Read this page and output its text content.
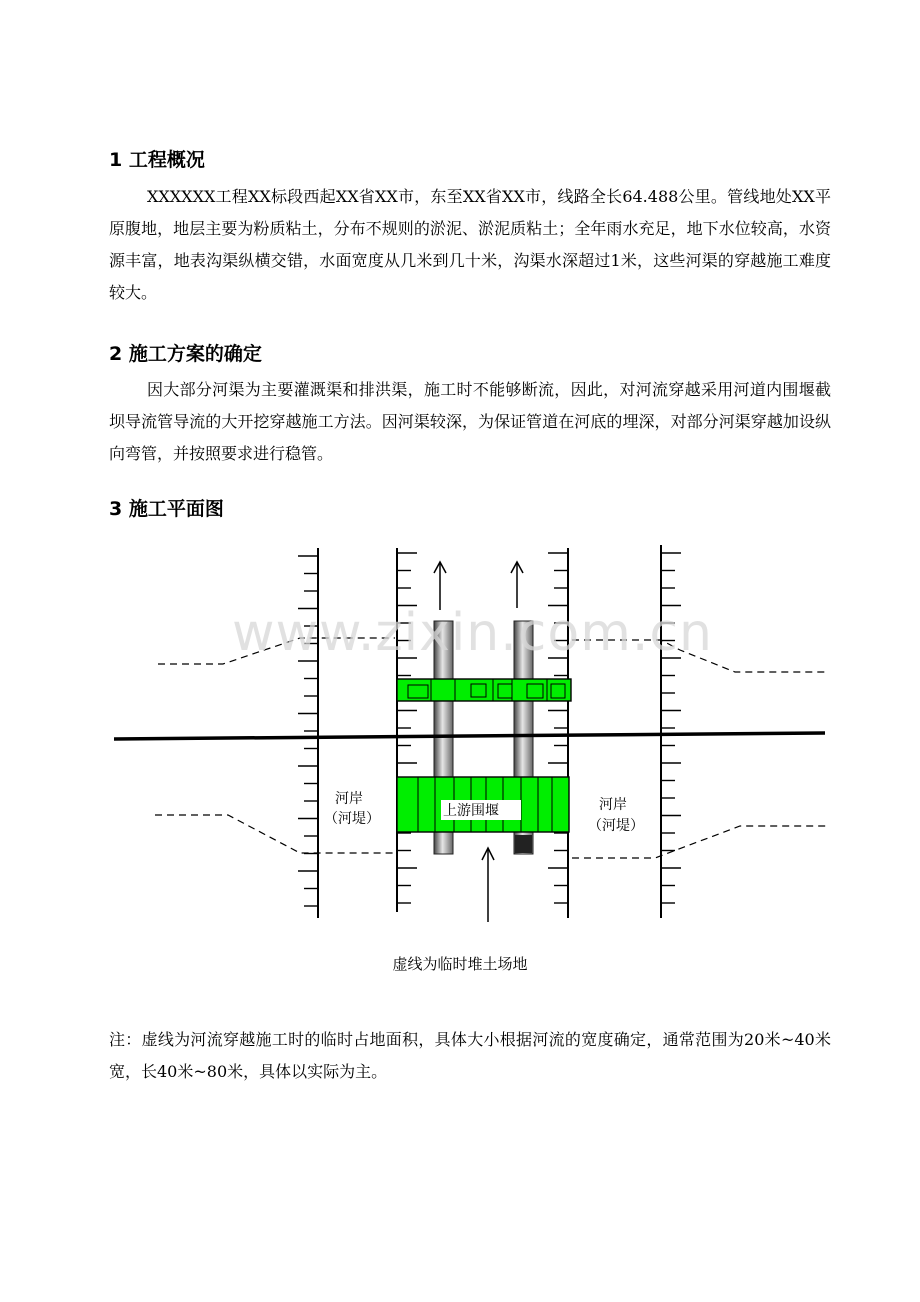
1 工程概况

XXXXXX工程XX标段西起XX省XX市，东至XX省XX市，线路全长64.488公里。管线地处XX平原腹地，地层主要为粉质粘土，分布不规则的淤泥、淤泥质粘土；全年雨水充足，地下水位较高，水资源丰富，地表沟渠纵横交错，水面宽度从几米到几十米，沟渠水深超过1米，这些河渠的穿越施工难度较大。

2 施工方案的确定

因大部分河渠为主要灌溉渠和排洪渠，施工时不能够断流，因此，对河流穿越采用河道内围堰截坝导流管导流的大开挖穿越施工方法。因河渠较深，为保证管道在河底的埋深，对部分河渠穿越加设纵向弯管，并按照要求进行稳管。

3 施工平面图
上游围堰
河岸
（河堤）
河岸
（河堤）
www.zixin.com.cn
虚线为临时堆土场地

注：虚线为河流穿越施工时的临时占地面积，具体大小根据河流的宽度确定，通常范围为20米~40米宽，长40米~80米，具体以实际为主。
